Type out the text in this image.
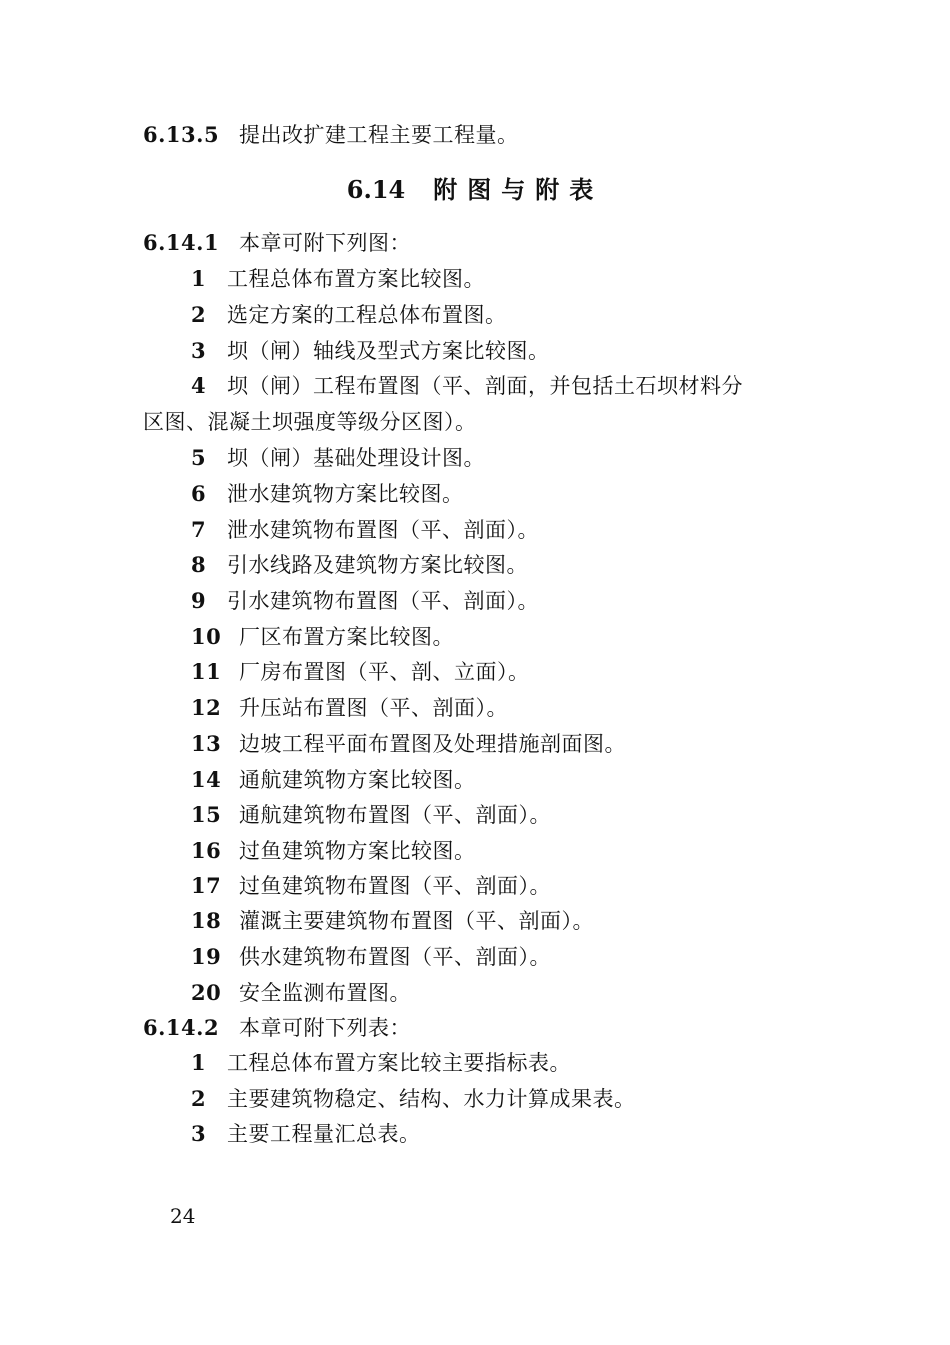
6.13.5 提出改扩建工程主要工程量。
6.14 附图与附表
6.14.1 本章可附下列图：
1 工程总体布置方案比较图。
2 选定方案的工程总体布置图。
3 坝（闸）轴线及型式方案比较图。
4 坝（闸）工程布置图（平、剖面，并包括土石坝材料分
区图、混凝土坝强度等级分区图）。
5 坝（闸）基础处理设计图。
6 泄水建筑物方案比较图。
7 泄水建筑物布置图（平、剖面）。
8 引水线路及建筑物方案比较图。
9 引水建筑物布置图（平、剖面）。
10 厂区布置方案比较图。
11 厂房布置图（平、剖、立面）。
12 升压站布置图（平、剖面）。
13 边坡工程平面布置图及处理措施剖面图。
14 通航建筑物方案比较图。
15 通航建筑物布置图（平、剖面）。
16 过鱼建筑物方案比较图。
17 过鱼建筑物布置图（平、剖面）。
18 灌溉主要建筑物布置图（平、剖面）。
19 供水建筑物布置图（平、剖面）。
20 安全监测布置图。
6.14.2 本章可附下列表：
1 工程总体布置方案比较主要指标表。
2 主要建筑物稳定、结构、水力计算成果表。
3 主要工程量汇总表。
24
